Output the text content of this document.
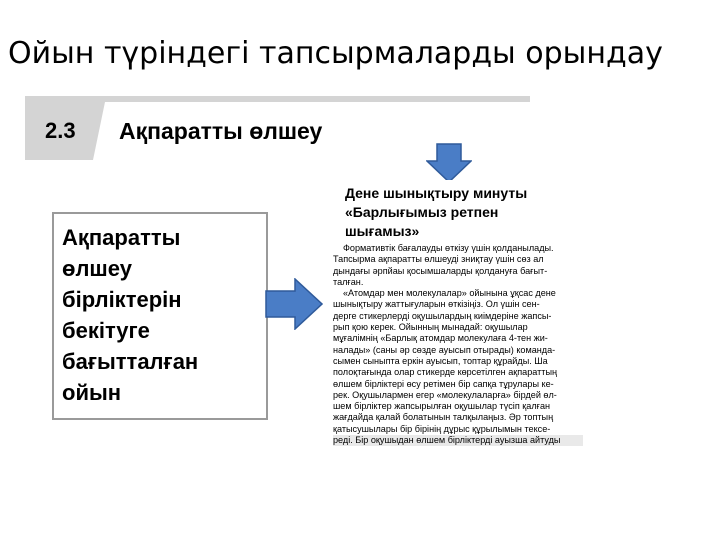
Ойын түріндегі тапсырмаларды орындау
2.3 Ақпаратты өлшеу

Ақпаратты
өлшеу
бірліктерін
бекітуге
бағытталған
ойын

Дене шынықтыру минуты
«Барлығымыз ретпен
шығамыз»
Формативтік бағалауды өткізу үшін қолданылады.
Тапсырма ақпаратты өлшеуді зниқтау үшін сөз ал
дындағы әрпйаы қосымшаларды қолдануға бағыт-
талған.
«Атомдар мен молекулалар» ойынына ұқсас дене
шынықтыру жаттығуларын өткізіңіз. Ол үшін сен-
дерге стикерлерді оқушылардың киімдерінe жапсы-
рып қою керек. Ойынның мынадай: оқушылар
мұғалімнің «Барлық атомдар молекулаға 4-тен жи-
налады» (саны әр сөзде ауысып отырады) команда-
сымен сыныпта еркін ауысып, топтар құрайды. Ша
полоқтағында олар стикерде көрсетілген ақпараттың
өлшем бірліктері өсу ретімен бір сапқа тұрулары ке-
рек. Оқушылармен егер «молекулаларға» бірдей өл-
шем бірліктер жапсырылған оқушылар түсіп қалған
жағдайда қалай болатынын талқылаңыз. Әр топтың
қатысушылары бір бірінің дұрыс құрылымын тексе-
реді. Бір оқушыдан өлшем бірліктерді ауызша айтуды
